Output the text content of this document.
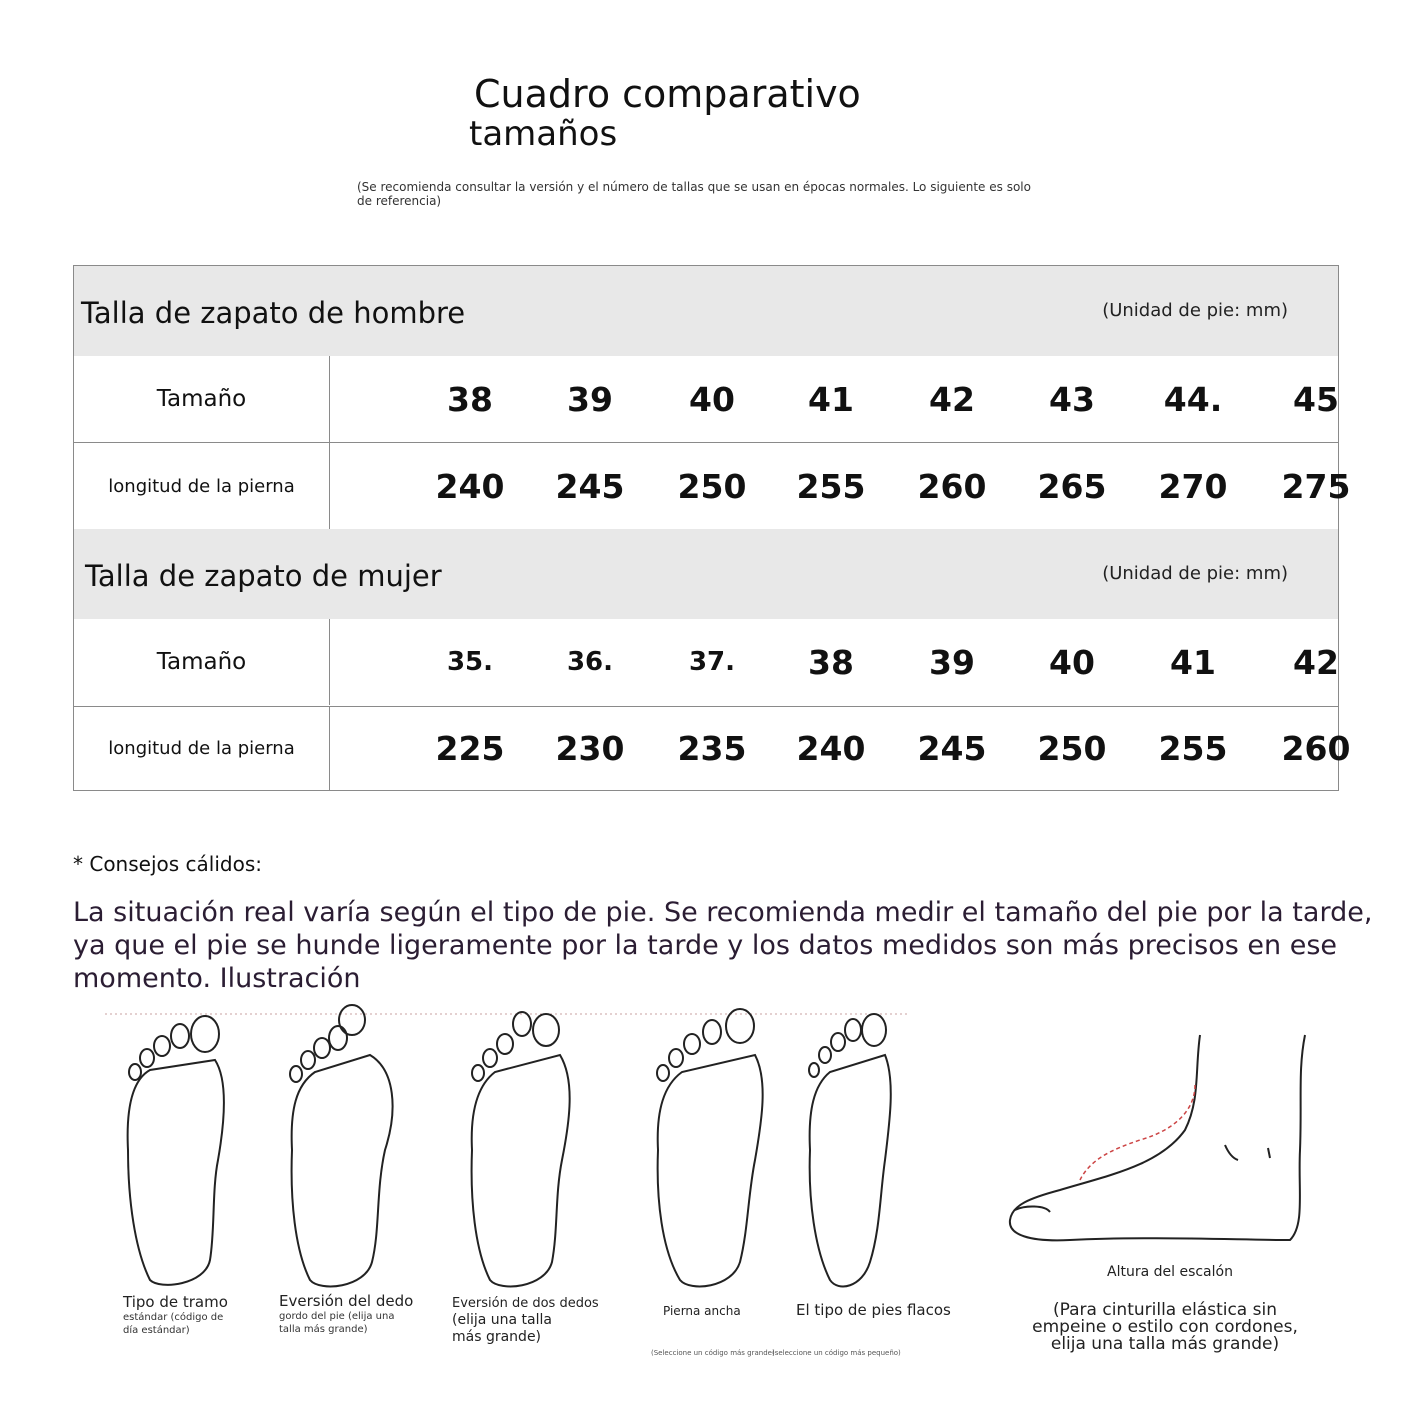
Cuadro comparativo
tamaños
(Se recomienda consultar la versión y el número de tallas que se usan en épocas normales. Lo siguiente es solo de referencia)
Talla de zapato de hombre	(Unidad de pie: mm)
Tamaño	38	39	40	41	42	43	44.	45
longitud de la pierna	240	245	250	255	260	265	270	275
Talla de zapato de mujer	(Unidad de pie: mm)
Tamaño	35.	36.	37.	38	39	40	41	42
longitud de la pierna	225	230	235	240	245	250	255	260
* Consejos cálidos:
La situación real varía según el tipo de pie. Se recomienda medir el tamaño del pie por la tarde, ya que el pie se hunde ligeramente por la tarde y los datos medidos son más precisos en ese momento. Ilustración
Tipo de tramo
estándar (código de día estándar)
Eversión del dedo
gordo del pie (elija una talla más grande)
Eversión de dos dedos
(elija una talla más grande)
Pierna ancha	El tipo de pies flacos
(Seleccione un código más grande)
(seleccione un código más pequeño)
Altura del escalón
(Para cinturilla elástica sin empeine o estilo con cordones, elija una talla más grande)
